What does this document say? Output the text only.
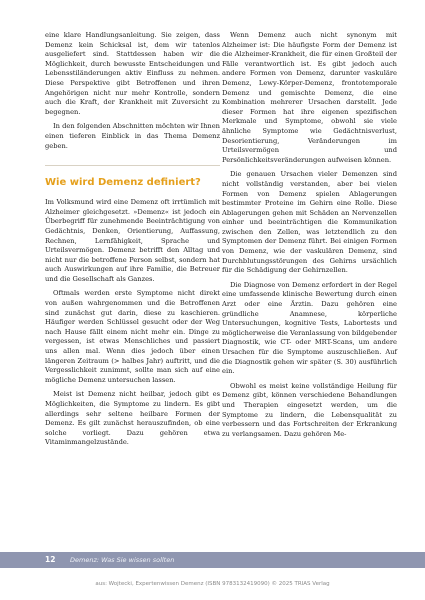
eine klare Handlungsanleitung. Sie zeigen, dass Demenz kein Schicksal ist, dem wir tatenlos ausgeliefert sind. Stattdessen haben wir die Möglichkeit, durch bewusste Entscheidungen und Lebensstiländerungen aktiv Einfluss zu nehmen. Diese Perspektive gibt Betroffenen und ihren Angehörigen nicht nur mehr Kontrolle, sondern auch die Kraft, der Krankheit mit Zuversicht zu begegnen.

In den folgenden Abschnitten möchten wir Ihnen einen tieferen Einblick in das Thema Demenz geben.

Wie wird Demenz definiert?

Im Volksmund wird eine Demenz oft irrtümlich mit Alzheimer gleichgesetzt. »Demenz« ist jedoch ein Überbegriff für zunehmende Beeinträchtigung von Gedächtnis, Denken, Orientierung, Auffassung, Rechnen, Lernfähigkeit, Sprache und Urteilsvermögen. Demenz betrifft den Alltag und nicht nur die betroffene Person selbst, sondern hat auch Auswirkungen auf ihre Familie, die Betreuer und die Gesellschaft als Ganzes.

Oftmals werden erste Symptome nicht direkt von außen wahrgenommen und die Betroffenen sind zunächst gut darin, diese zu kaschieren. Häufiger werden Schlüssel gesucht oder der Weg nach Hause fällt einem nicht mehr ein. Dinge zu vergessen, ist etwas Menschliches und passiert uns allen mal. Wenn dies jedoch über einen längeren Zeitraum (> halbes Jahr) auftritt, und die Vergesslichkeit zunimmt, sollte man sich auf eine mögliche Demenz untersuchen lassen.

Meist ist Demenz nicht heilbar, jedoch gibt es Möglichkeiten, die Symptome zu lindern. Es gibt allerdings sehr seltene heilbare Formen der Demenz. Es gilt zunächst herauszufinden, ob eine solche vorliegt. Dazu gehören etwa Vitaminmangelzustände.

Wenn Demenz auch nicht synonym mit Alzheimer ist: Die häufigste Form der Demenz ist die Alzheimer-Krankheit, die für einen Großteil der Fälle verantwortlich ist. Es gibt jedoch auch andere Formen von Demenz, darunter vaskuläre Demenz, Lewy-Körper-Demenz, frontotemporale Demenz und gemischte Demenz, die eine Kombination mehrerer Ursachen darstellt. Jede dieser Formen hat ihre eigenen spezifischen Merkmale und Symptome, obwohl sie viele ähnliche Symptome wie Gedächtnisverlust, Desorientierung, Veränderungen im Urteilsvermögen und Persönlichkeitsveränderungen aufweisen können.

Die genauen Ursachen vieler Demenzen sind nicht vollständig verstanden, aber bei vielen Formen von Demenz spielen Ablagerungen bestimmter Proteine im Gehirn eine Rolle. Diese Ablagerungen gehen mit Schäden an Nervenzellen einher und beeinträchtigen die Kommunikation zwischen den Zellen, was letztendlich zu den Symptomen der Demenz führt. Bei einigen Formen von Demenz, wie der vaskulären Demenz, sind Durchblutungsstörungen des Gehirns ursächlich für die Schädigung der Gehirnzellen.

Die Diagnose von Demenz erfordert in der Regel eine umfassende klinische Bewertung durch einen Arzt oder eine Ärztin. Dazu gehören eine gründliche Anamnese, körperliche Untersuchungen, kognitive Tests, Labortests und möglicherweise die Veranlassung von bildgebender Diagnostik, wie CT- oder MRT-Scans, um andere Ursachen für die Symptome auszuschließen. Auf die Diagnostik gehen wir später (S. 30) ausführlich ein.

Obwohl es meist keine vollständige Heilung für Demenz gibt, können verschiedene Behandlungen und Therapien eingesetzt werden, um die Symptome zu lindern, die Lebensqualität zu verbessern und das Fortschreiten der Erkrankung zu verlangsamen. Dazu gehören Me-

12 Demenz: Was Sie wissen sollten
aus: Wojtecki, Expertenwissen Demenz (ISBN 9783132419090) © 2025 TRIAS Verlag
